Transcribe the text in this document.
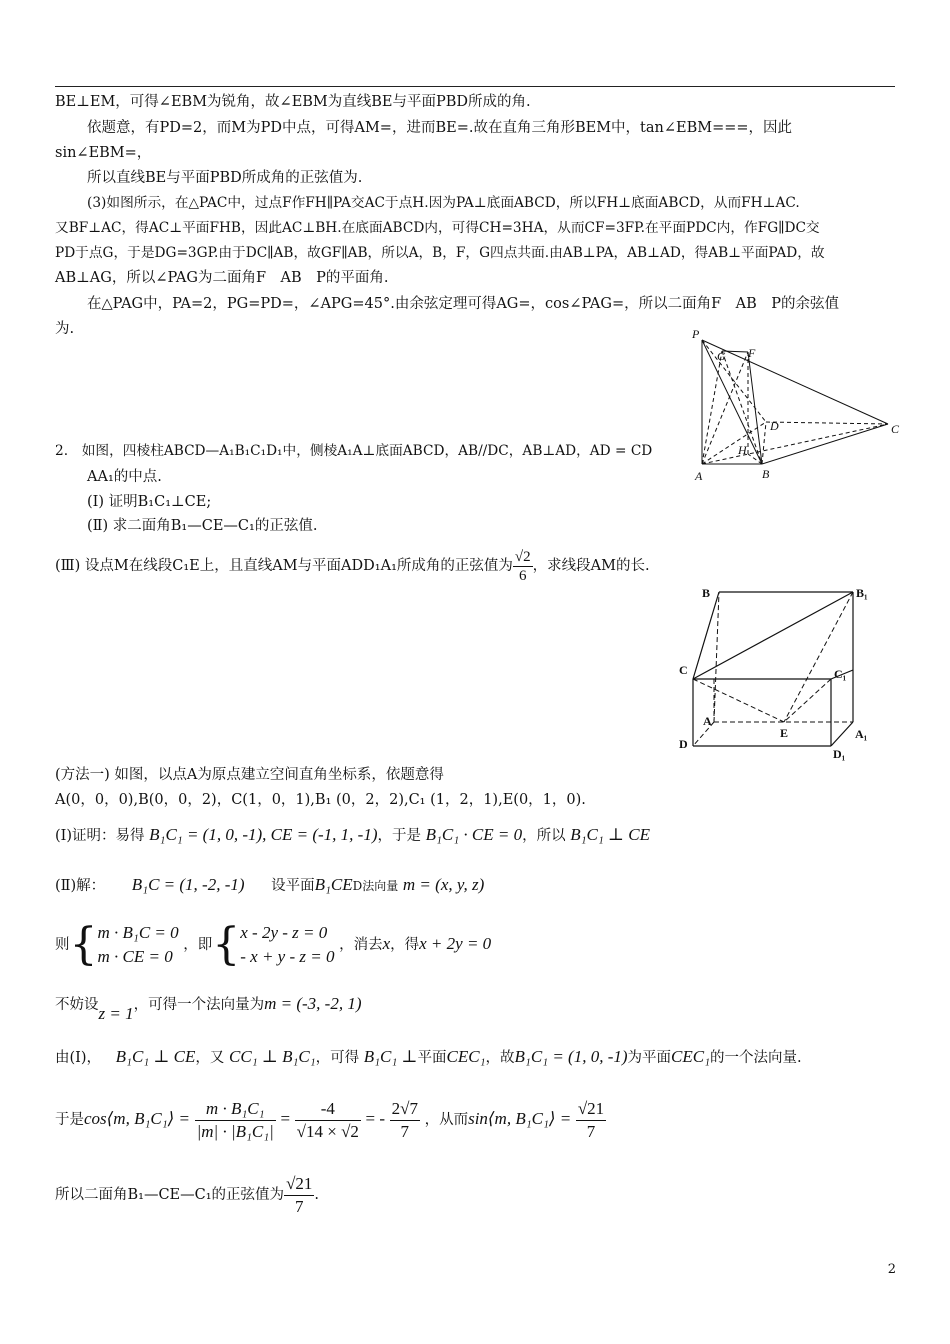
BE⊥EM，可得∠EBM为锐角，故∠EBM为直线BE与平面PBD所成的角.
依题意，有PD=2，而M为PD中点，可得AM=，进而BE=.故在直角三角形BEM中，tan∠EBM===，因此
sin∠EBM=，
所以直线BE与平面PBD所成角的正弦值为.
(3)如图所示，在△PAC中，过点F作FH∥PA交AC于点H.因为PA⊥底面ABCD，所以FH⊥底面ABCD，从而FH⊥AC.
又BF⊥AC，得AC⊥平面FHB，因此AC⊥BH.在底面ABCD内，可得CH=3HA，从而CF=3FP.在平面PDC内，作FG∥DC交
PD于点G，于是DG=3GP.由于DC∥AB，故GF∥AB，所以A，B，F，G四点共面.由AB⊥PA，AB⊥AD，得AB⊥平面PAD，故
AB⊥AG，所以∠PAG为二面角F　AB　P的平面角.
在△PAG中，PA=2，PG=PD=，∠APG=45°.由余弦定理可得AG=，cos∠PAG=，所以二面角F　AB　P的余弦值
为.	P
G F
D	C
H
A	B
2.　如图，四棱柱ABCD—A₁B₁C₁D₁中，侧棱A₁A⊥底面ABCD，AB//DC，AB⊥AD，AD = CD
AA₁的中点.
(Ⅰ) 证明B₁C₁⊥CE;
(Ⅱ) 求二面角B₁—CE—C₁的正弦值.
(Ⅲ) 设点M在线段C₁E上，且直线AM与平面ADD₁A₁所成角的正弦值为 $\frac{√2}{6}$ ，求线段AM的长.
B	B₁
C	C₁
A
E	A₁
D
D₁
(方法一) 如图，以点A为原点建立空间直角坐标系，依题意得
A(0，0，0),B(0，0，2)，C(1，0，1),B₁ (0，2，2),C₁ (1，2，1),E(0，1，0).
(Ⅰ)证明：易得 B₁C₁ = (1, 0, -1), CE = (-1, 1, -1)，于是 B₁C₁ · CE = 0，所以 B₁C₁ ⊥ CE
(Ⅱ)解： B₁C = (1, -2, -1) 设平面B₁CED法向量 m = (x, y, z)
则{ m · B₁C = 0
m · CE = 0
，即{ x - 2y - z = 0
- x + y - z = 0
，消去x，得x + 2y = 0
不妨设z = 1，可得一个法向量为m = (-3, -2, 1)
由(Ⅰ)， B₁C₁ ⊥ CE，又 CC₁ ⊥ B₁C₁，可得 B₁C₁ ⊥平面CEC₁，故B₁C₁ = (1, 0, -1)为平面CEC₁的一个法向量.
于是cos⟨m, B₁C₁⟩ = $\frac{\text{m · B₁C₁}}{\text{|m| · |B₁C₁|}} = \frac{-4}{√14 \times √2}$ = - $\frac{2√7}{7}$ ，从而sin⟨m, B₁C₁⟩ = $\frac{√21}{7}$
所以二面角B₁—CE—C₁的正弦值为 $\frac{√21}{7}$ .
2
